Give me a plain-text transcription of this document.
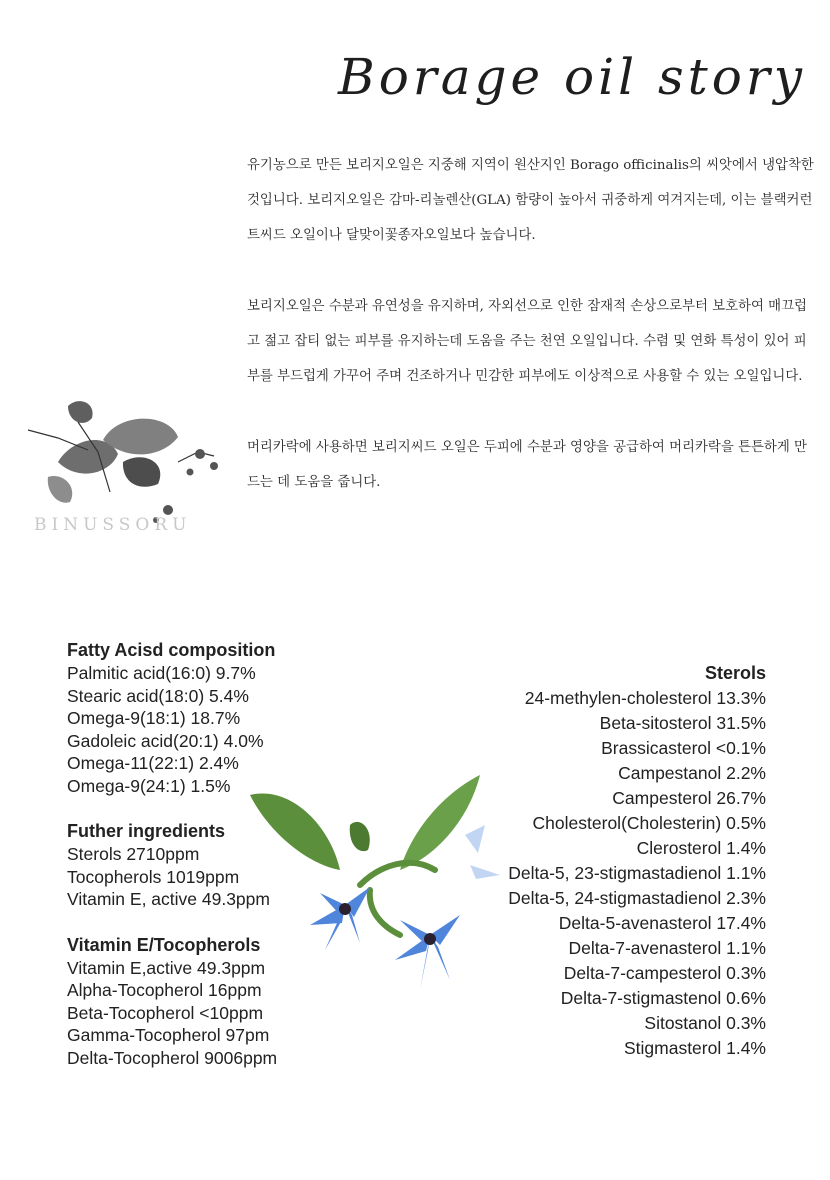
Borage oil story

유기농으로 만든 보리지오일은 지중해 지역이 원산지인 Borago officinalis의 씨앗에서 냉압착한 것입니다. 보리지오일은 감마-리놀렌산(GLA) 함량이 높아서 귀중하게 여겨지는데, 이는 블랙커런트씨드 오일이나 달맞이꽃종자오일보다 높습니다.

보리지오일은 수분과 유연성을 유지하며, 자외선으로 인한 잠재적 손상으로부터 보호하여 매끄럽고 젊고 잡티 없는 피부를 유지하는데 도움을 주는 천연 오일입니다. 수렴 및 연화 특성이 있어 피부를 부드럽게 가꾸어 주며 건조하거나 민감한 피부에도 이상적으로 사용할 수 있는 오일입니다.

머리카락에 사용하면 보리지씨드 오일은 두피에 수분과 영양을 공급하여 머리카락을 튼튼하게 만드는 데 도움을 줍니다.

BINUSSORU
Fatty Acisd composition
Palmitic acid(16:0) 9.7%
Stearic acid(18:0) 5.4%
Omega-9(18:1) 18.7%
Gadoleic acid(20:1) 4.0%
Omega-11(22:1) 2.4%
Omega-9(24:1) 1.5%
Futher ingredients
Sterols 2710ppm
Tocopherols 1019ppm
Vitamin E, active 49.3ppm
Vitamin E/Tocopherols
Vitamin E,active 49.3ppm
Alpha-Tocopherol 16ppm
Beta-Tocopherol <10ppm
Gamma-Tocopherol 97pm
Delta-Tocopherol 9006ppm
Sterols
24-methylen-cholesterol 13.3%
Beta-sitosterol 31.5%
Brassicasterol <0.1%
Campestanol 2.2%
Campesterol 26.7%
Cholesterol(Cholesterin) 0.5%
Clerosterol 1.4%
Delta-5, 23-stigmastadienol 1.1%
Delta-5, 24-stigmastadienol 2.3%
Delta-5-avenasterol 17.4%
Delta-7-avenasterol 1.1%
Delta-7-campesterol 0.3%
Delta-7-stigmastenol 0.6%
Sitostanol 0.3%
Stigmasterol 1.4%
